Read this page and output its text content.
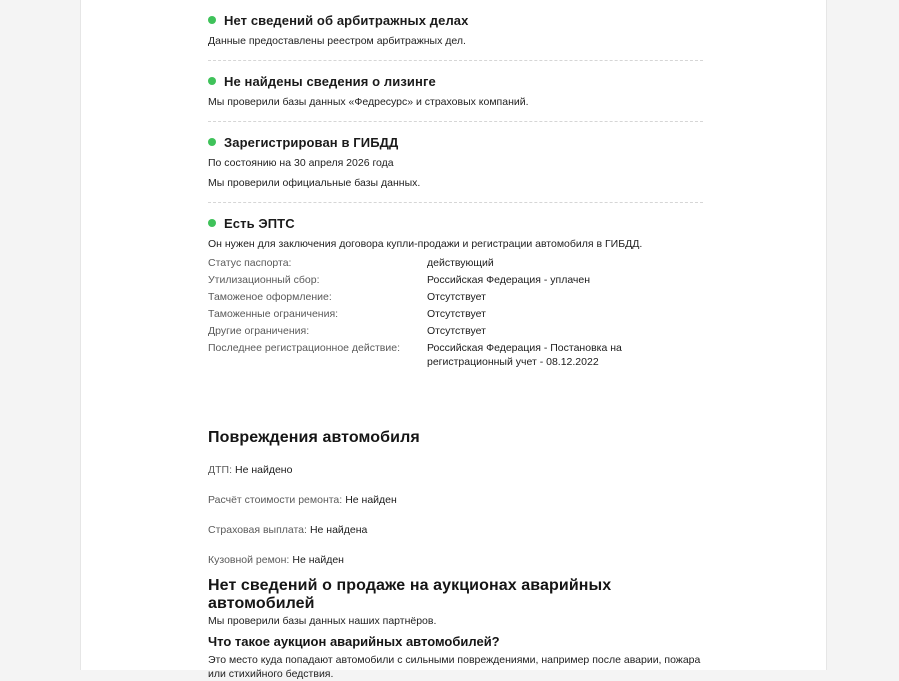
Нет сведений об арбитражных делах
Данные предоставлены реестром арбитражных дел.
Не найдены сведения о лизинге
Мы проверили базы данных «Федресурс» и страховых компаний.
Зарегистрирован в ГИБДД
По состоянию на 30 апреля 2026 года
Мы проверили официальные базы данных.
Есть ЭПТС
Он нужен для заключения договора купли-продажи и регистрации автомобиля в ГИБДД.
Статус паспорта:	действующий
Утилизационный сбор:	Российская Федерация - уплачен
Таможеное оформление:	Отсутствует
Таможенные ограничения:	Отсутствует
Другие ограничения:	Отсутствует
Последнее регистрационное действие:	Российская Федерация - Постановка на регистрационный учет - 08.12.2022
Повреждения автомобиля
ДТП: Не найдено
Расчёт стоимости ремонта: Не найден
Страховая выплата: Не найдена
Кузовной ремон: Не найден
Нет сведений о продаже на аукционах аварийных автомобилей
Мы проверили базы данных наших партнёров.
Что такое аукцион аварийных автомобилей?
Это место куда попадают автомобили с сильными повреждениями, например после аварии, пожара или стихийного бедствия.
